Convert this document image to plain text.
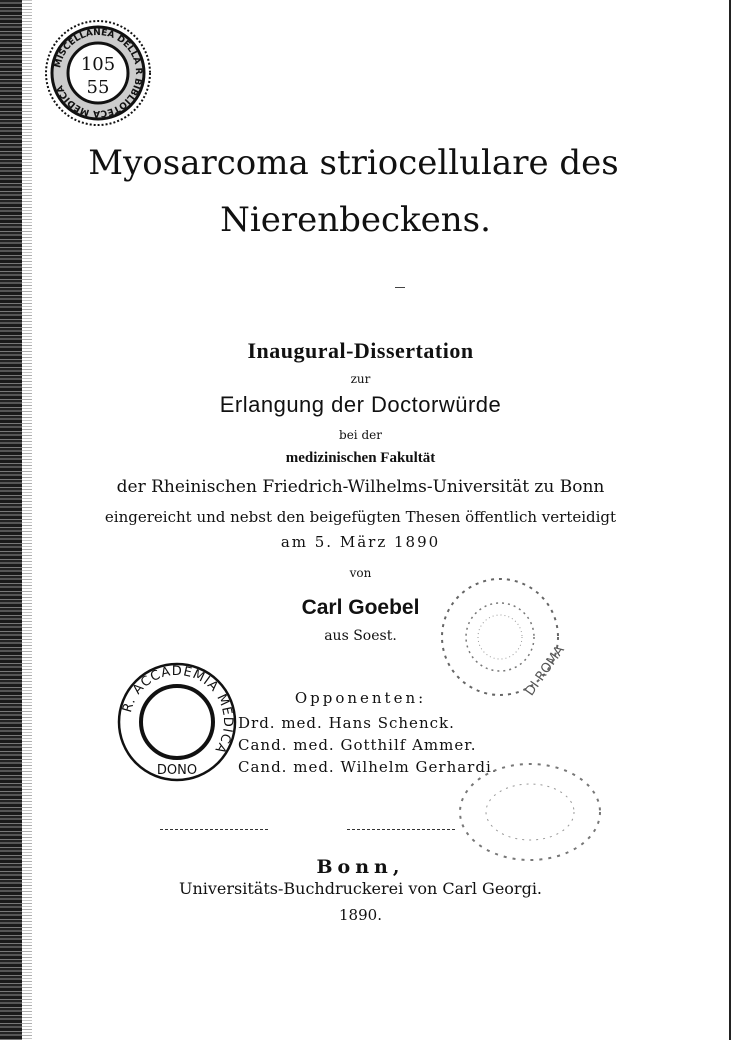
MISCELLANEA DELLA R BIBLIOTECA MEDICA
105
55
Myosarcoma striocellulare des
Nierenbeckens.
Inaugural-Dissertation
zur
Erlangung der Doctorwürde
bei der
medizinischen Fakultät
der Rheinischen Friedrich-Wilhelms-Universität zu Bonn
eingereicht und nebst den beigefügten Thesen öffentlich verteidigt
am 5. März 1890
von
Carl Goebel
aus Soest.
DI ROMA
R. ACCADEMIA MEDICA
DONO
Opponenten:
Drd. med. Hans Schenck.
Cand. med. Gotthilf Ammer.
Cand. med. Wilhelm Gerhardi.
Bonn,
Universitäts-Buchdruckerei von Carl Georgi.
1890.
